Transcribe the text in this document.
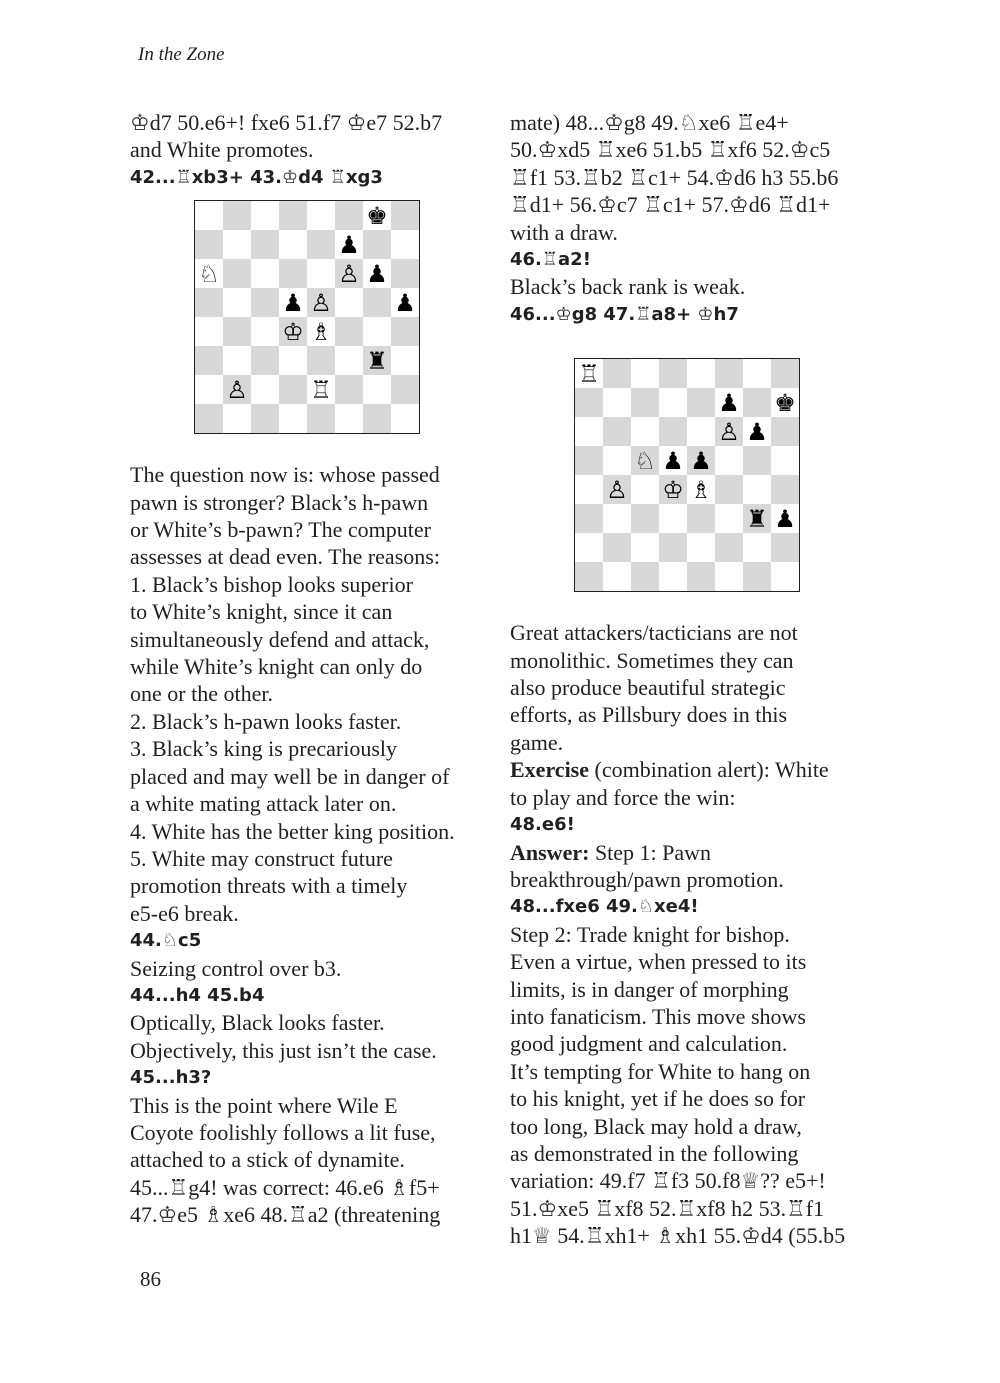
In the Zone

♔d7 50.e6+! fxe6 51.f7 ♔e7 52.b7
and White promotes.

42...♖xb3+ 43.♔d4 ♖xg3

♚
♟
♘	♙ ♟
♟ ♙	♟
♔ ♗
♜
♙	♖

The question now is: whose passed
pawn is stronger? Black’s h-pawn
or White’s b-pawn? The computer
assesses at dead even. The reasons:
1. Black’s bishop looks superior
to White’s knight, since it can
simultaneously defend and attack,
while White’s knight can only do
one or the other.
2. Black’s h-pawn looks faster.
3. Black’s king is precariously
placed and may well be in danger of
a white mating attack later on.
4. White has the better king position.
5. White may construct future
promotion threats with a timely
e5-e6 break.

44.♘c5

Seizing control over b3.

44...h4 45.b4

Optically, Black looks faster.
Objectively, this just isn’t the case.

45...h3?

This is the point where Wile E
Coyote foolishly follows a lit fuse,
attached to a stick of dynamite.
45...♖g4! was correct: 46.e6 ♗f5+
47.♔e5 ♗xe6 48.♖a2 (threatening

mate) 48...♔g8 49.♘xe6 ♖e4+
50.♔xd5 ♖xe6 51.b5 ♖xf6 52.♔c5
♖f1 53.♖b2 ♖c1+ 54.♔d6 h3 55.b6
♖d1+ 56.♔c7 ♖c1+ 57.♔d6 ♖d1+
with a draw.

46.♖a2!

Black’s back rank is weak.

46...♔g8 47.♖a8+ ♔h7

♖
♟ ♚
♙ ♟
♘ ♟ ♟
♙ ♔ ♗
♜ ♟

Great attackers/tacticians are not
monolithic. Sometimes they can
also produce beautiful strategic
efforts, as Pillsbury does in this
game.

Exercise (combination alert): White
to play and force the win:

48.e6!

Answer: Step 1: Pawn
breakthrough/pawn promotion.

48...fxe6 49.♘xe4!

Step 2: Trade knight for bishop.
Even a virtue, when pressed to its
limits, is in danger of morphing
into fanaticism. This move shows
good judgment and calculation.
It’s tempting for White to hang on
to his knight, yet if he does so for
too long, Black may hold a draw,
as demonstrated in the following
variation: 49.f7 ♖f3 50.f8♕?? e5+!
51.♔xe5 ♖xf8 52.♖xf8 h2 53.♖f1
h1♕ 54.♖xh1+ ♗xh1 55.♔d4 (55.b5

86
